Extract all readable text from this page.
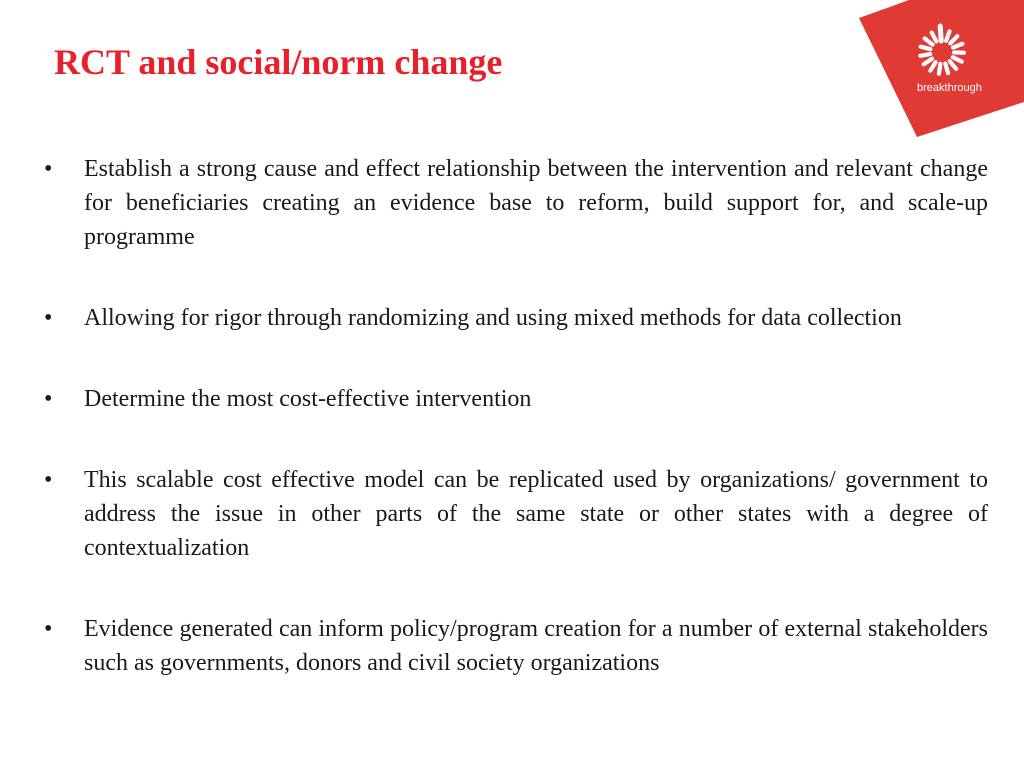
RCT and social/norm change
breakthrough
•	Establish a strong cause and effect relationship between the intervention and relevant change for beneficiaries creating an evidence base to reform, build support for, and scale-up programme
•	Allowing for rigor through randomizing and using mixed methods for data collection
•	Determine the most cost-effective intervention
•	This scalable cost effective model can be replicated used by organizations/ government to address the issue in other parts of the same state or other states with a degree of contextualization
•	Evidence generated can inform policy/program creation for a number of external stakeholders such as governments, donors and civil society organizations
